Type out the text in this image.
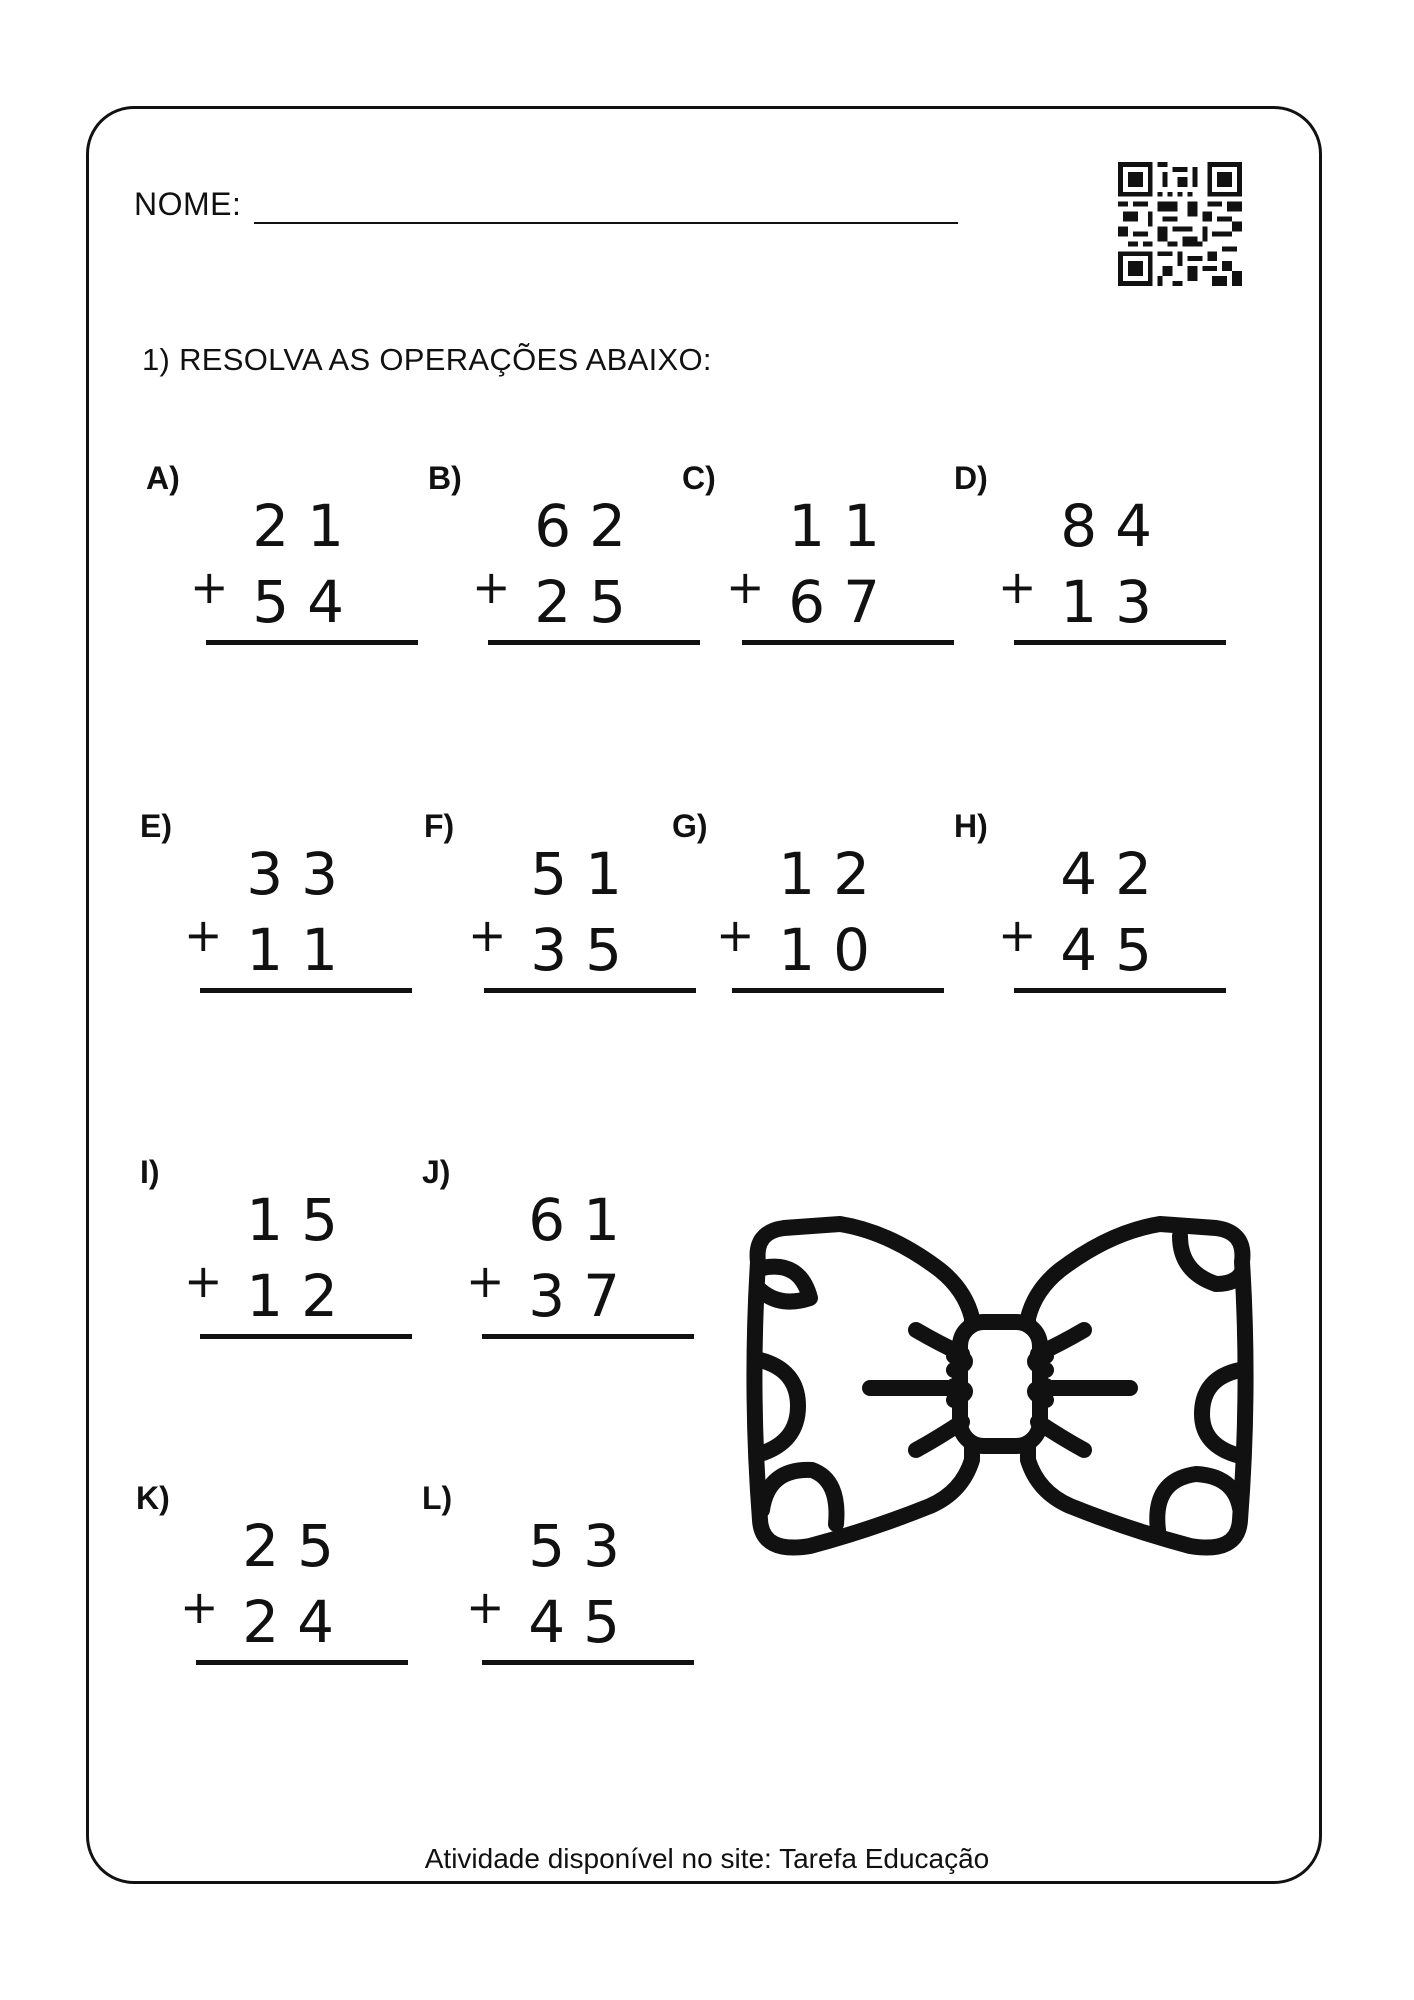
NOME:
1) RESOLVA AS OPERAÇÕES ABAIXO:
A)
21
+ 54
B)
62
+ 25
C)
11
+ 67
D)
84
+ 13
E)
33
+ 11
F)
51
+ 35
G)
12
+ 10
H)
42
+ 45
I)
15
+ 12
J)
61
+ 37
K)
25
+ 24
L)
53
+ 45
Atividade disponível no site: Tarefa Educação
